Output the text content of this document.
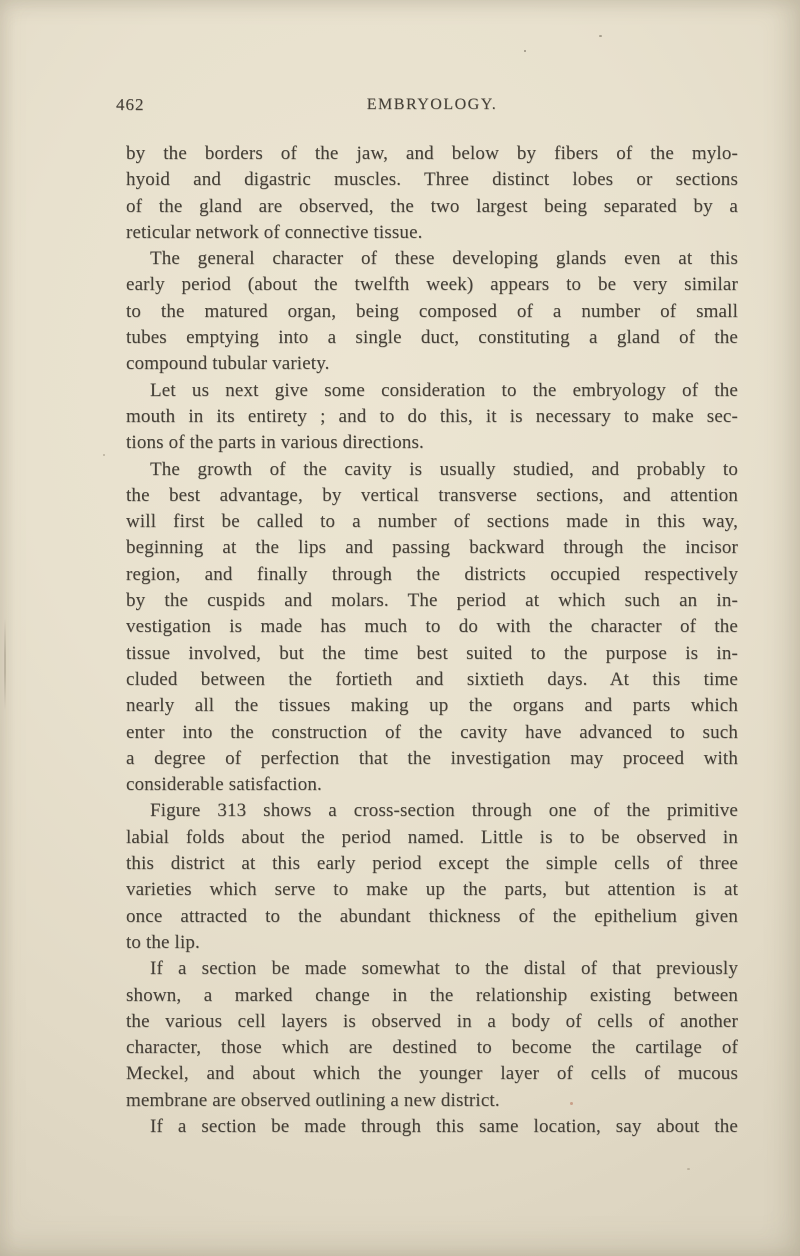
462	EMBRYOLOGY.
by the borders of the jaw, and below by fibers of the mylo-
hyoid and digastric muscles. Three distinct lobes or sections
of the gland are observed, the two largest being separated by a
reticular network of connective tissue.
The general character of these developing glands even at this
early period (about the twelfth week) appears to be very similar
to the matured organ, being composed of a number of small
tubes emptying into a single duct, constituting a gland of the
compound tubular variety.
Let us next give some consideration to the embryology of the
mouth in its entirety ; and to do this, it is necessary to make sec-
tions of the parts in various directions.
The growth of the cavity is usually studied, and probably to
the best advantage, by vertical transverse sections, and attention
will first be called to a number of sections made in this way,
beginning at the lips and passing backward through the incisor
region, and finally through the districts occupied respectively
by the cuspids and molars. The period at which such an in-
vestigation is made has much to do with the character of the
tissue involved, but the time best suited to the purpose is in-
cluded between the fortieth and sixtieth days. At this time
nearly all the tissues making up the organs and parts which
enter into the construction of the cavity have advanced to such
a degree of perfection that the investigation may proceed with
considerable satisfaction.
Figure 313 shows a cross-section through one of the primitive
labial folds about the period named. Little is to be observed in
this district at this early period except the simple cells of three
varieties which serve to make up the parts, but attention is at
once attracted to the abundant thickness of the epithelium given
to the lip.
If a section be made somewhat to the distal of that previously
shown, a marked change in the relationship existing between
the various cell layers is observed in a body of cells of another
character, those which are destined to become the cartilage of
Meckel, and about which the younger layer of cells of mucous
membrane are observed outlining a new district.
If a section be made through this same location, say about the
